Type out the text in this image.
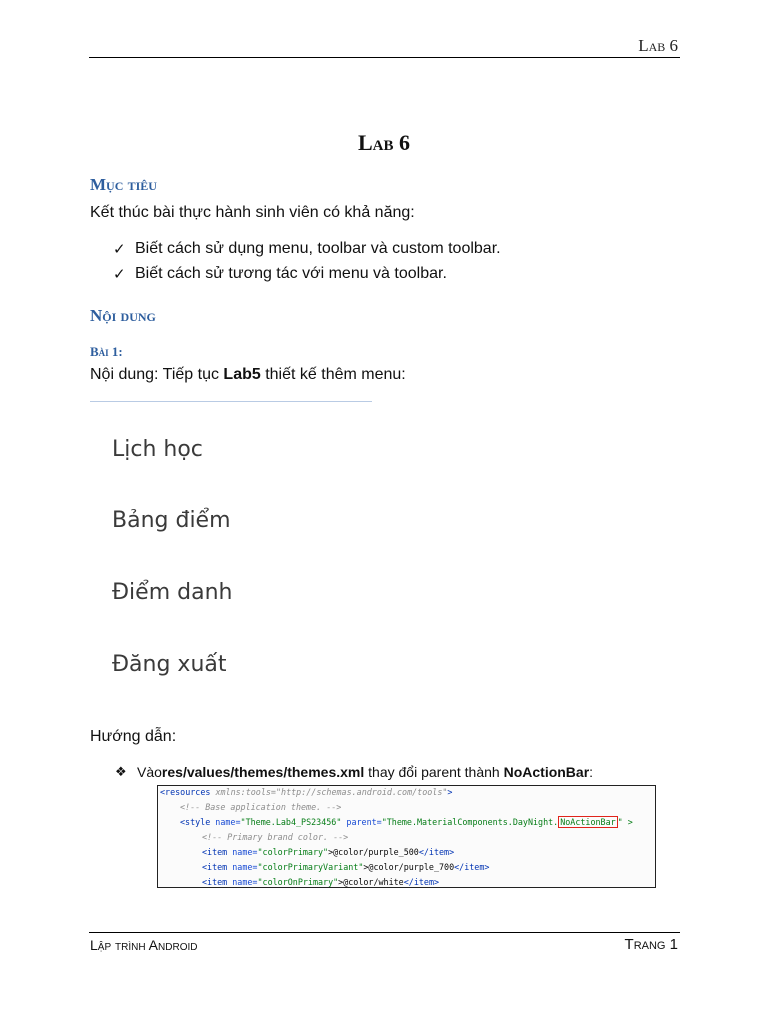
Lab 6
Lab 6
Mục tiêu
Kết thúc bài thực hành sinh viên có khả năng:
✓ Biết cách sử dụng menu, toolbar và custom toolbar.
✓ Biết cách sử tương tác với menu và toolbar.
Nội dung
Bài 1:
Nội dung: Tiếp tục Lab5 thiết kế thêm menu:
Lịch học
Bảng điểm
Điểm danh
Đăng xuất
Hướng dẫn:
❖ Vào res/values/themes/themes.xml thay đổi parent thành NoActionBar :
<resources xmlns:tools="http://schemas.android.com/tools">
<!-- Base application theme. -->
<style name="Theme.Lab4_PS23456" parent="Theme.MaterialComponents.DayNight. NoActionBar " >
<!-- Primary brand color. -->
<item name="colorPrimary">@color/purple_500</item>
<item name="colorPrimaryVariant">@color/purple_700</item>
<item name="colorOnPrimary">@color/white</item>
Lập trình Android	Trang 1
